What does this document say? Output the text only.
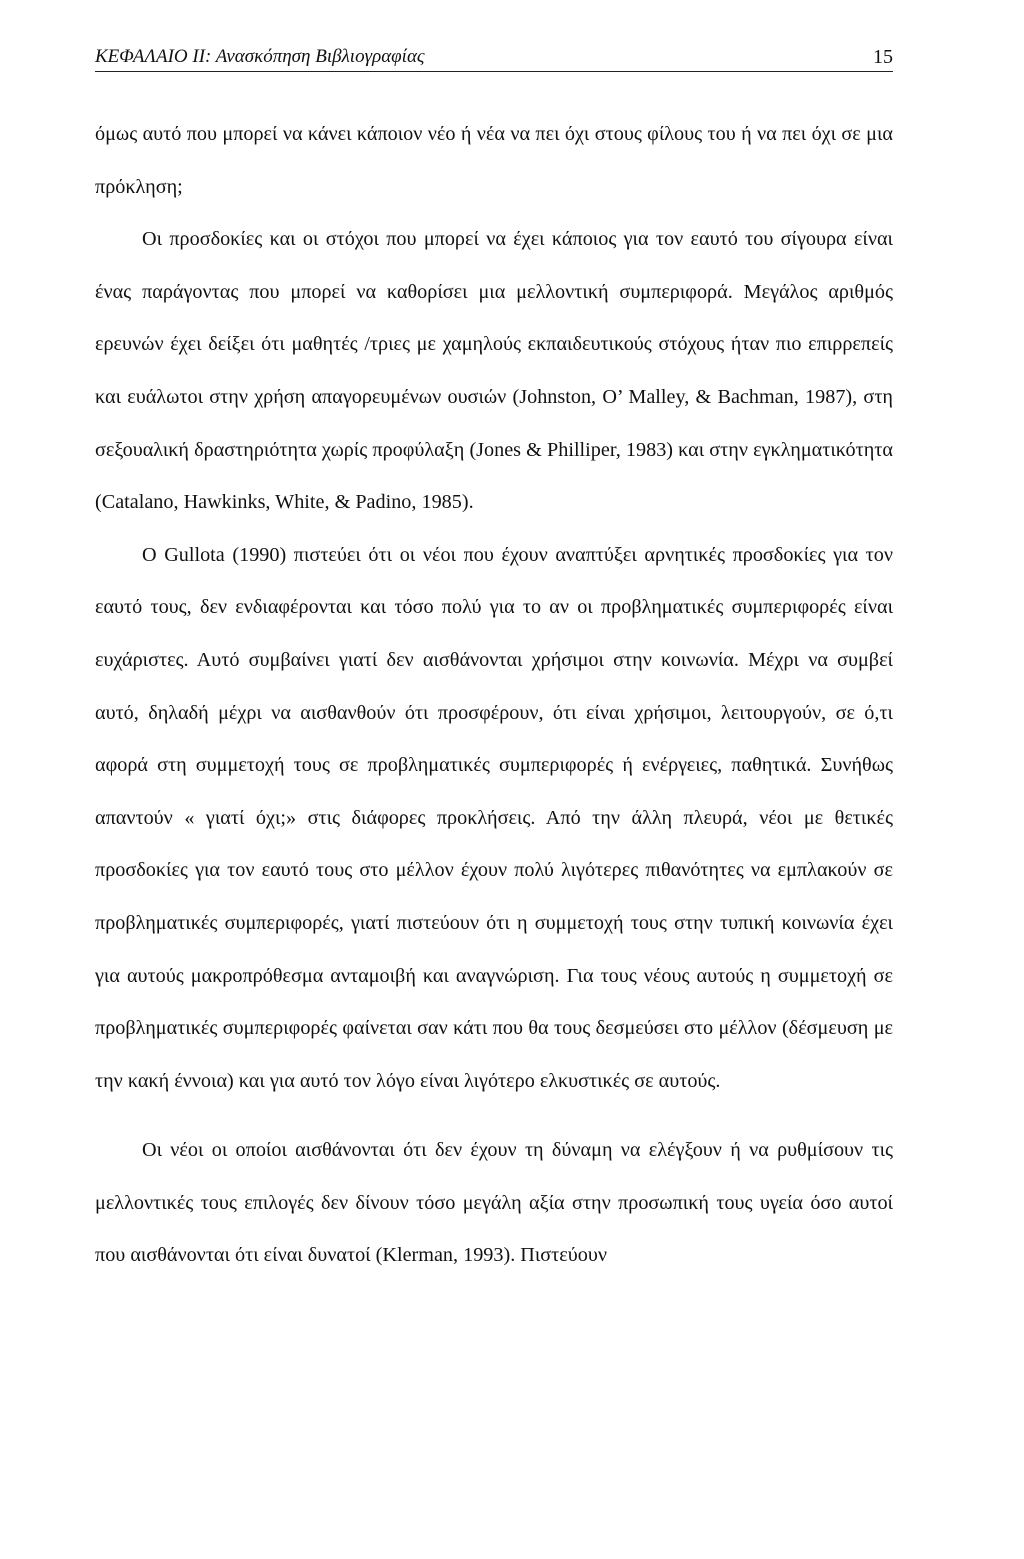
ΚΕΦΑΛΑΙΟ ΙΙ: Ανασκόπηση Βιβλιογραφίας	15

όμως αυτό που μπορεί να κάνει κάποιον νέο ή νέα να πει όχι στους φίλους του ή να πει όχι σε μια πρόκληση;

Οι προσδοκίες και οι στόχοι που μπορεί να έχει κάποιος για τον εαυτό του σίγουρα είναι ένας παράγοντας που μπορεί να καθορίσει μια μελλοντική συμπεριφορά. Μεγάλος αριθμός ερευνών έχει δείξει ότι μαθητές /τριες με χαμηλούς εκπαιδευτικούς στόχους ήταν πιο επιρρεπείς και ευάλωτοι στην χρήση απαγορευμένων ουσιών (Johnston, O’ Malley, & Bachman, 1987), στη σεξουαλική δραστηριότητα χωρίς προφύλαξη (Jones & Philliper, 1983) και στην εγκληματικότητα (Catalano, Hawkinks, White, & Padino, 1985).

O Gullota (1990) πιστεύει ότι οι νέοι που έχουν αναπτύξει αρνητικές προσδοκίες για τον εαυτό τους, δεν ενδιαφέρονται και τόσο πολύ για το αν οι προβληματικές συμπεριφορές είναι ευχάριστες. Αυτό συμβαίνει γιατί δεν αισθάνονται χρήσιμοι στην κοινωνία. Μέχρι να συμβεί αυτό, δηλαδή μέχρι να αισθανθούν ότι προσφέρουν, ότι είναι χρήσιμοι, λειτουργούν, σε ό,τι αφορά στη συμμετοχή τους σε προβληματικές συμπεριφορές ή ενέργειες, παθητικά. Συνήθως απαντούν « γιατί όχι;» στις διάφορες προκλήσεις. Από την άλλη πλευρά, νέοι με θετικές προσδοκίες για τον εαυτό τους στο μέλλον έχουν πολύ λιγότερες πιθανότητες να εμπλακούν σε προβληματικές συμπεριφορές, γιατί πιστεύουν ότι η συμμετοχή τους στην τυπική κοινωνία έχει για αυτούς μακροπρόθεσμα ανταμοιβή και αναγνώριση. Για τους νέους αυτούς η συμμετοχή σε προβληματικές συμπεριφορές φαίνεται σαν κάτι που θα τους δεσμεύσει στο μέλλον (δέσμευση με την κακή έννοια) και για αυτό τον λόγο είναι λιγότερο ελκυστικές σε αυτούς.

Οι νέοι οι οποίοι αισθάνονται ότι δεν έχουν τη δύναμη να ελέγξουν ή να ρυθμίσουν τις μελλοντικές τους επιλογές δεν δίνουν τόσο μεγάλη αξία στην προσωπική τους υγεία όσο αυτοί που αισθάνονται ότι είναι δυνατοί (Klerman, 1993). Πιστεύουν
